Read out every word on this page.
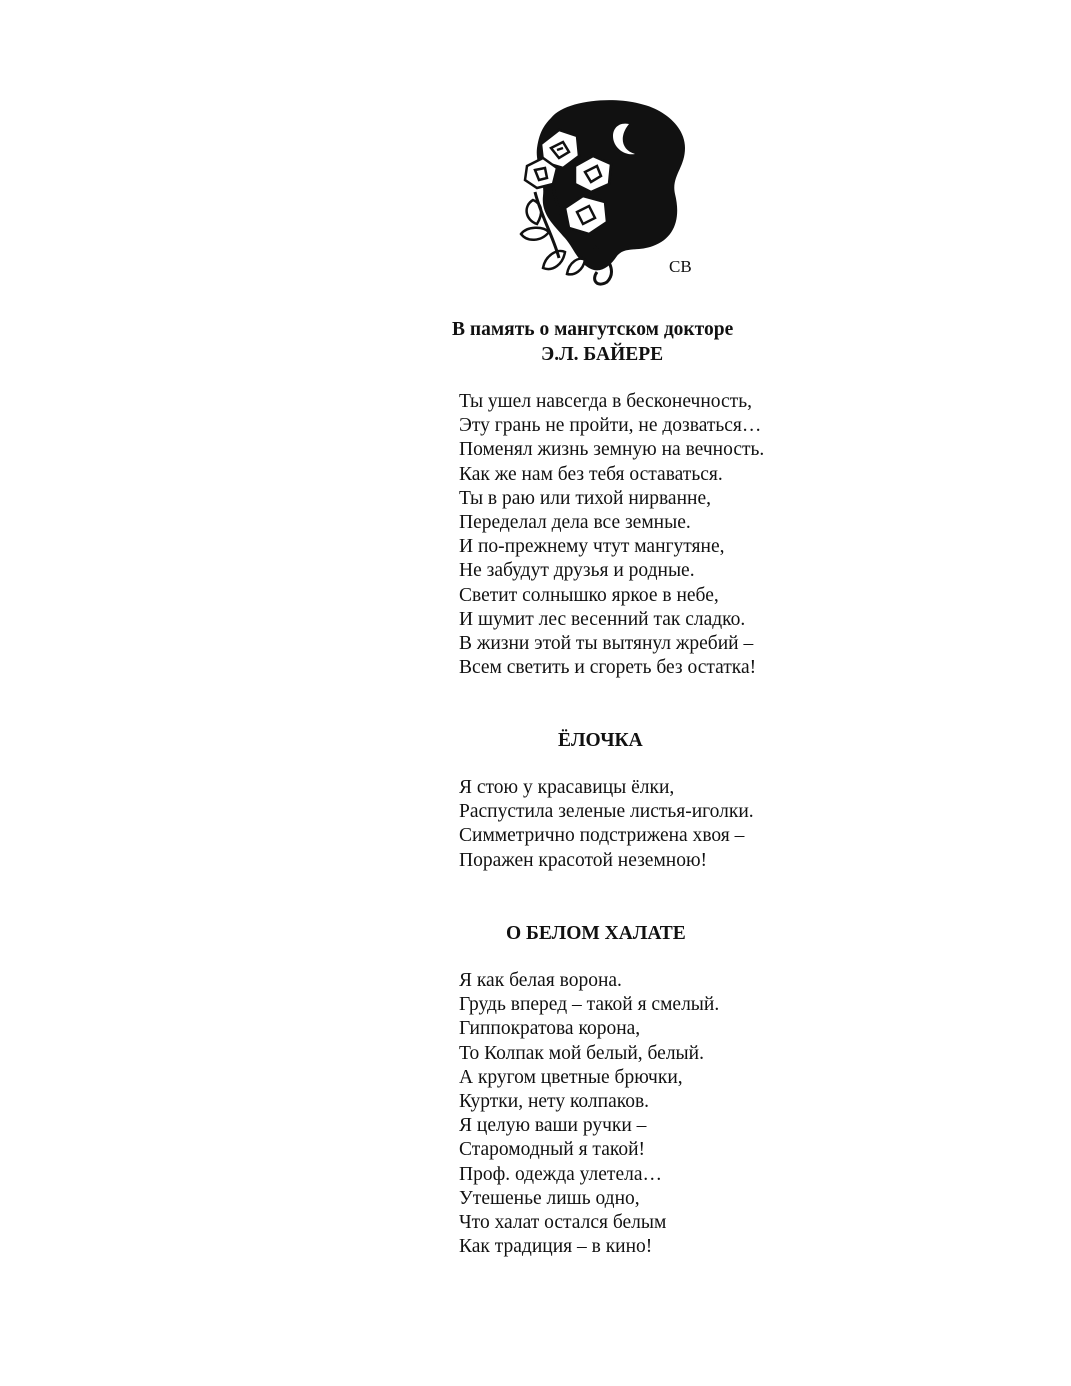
СВ
В память о мангутском докторе
Э.Л. БАЙЕРЕ
Ты ушел навсегда в бесконечность,
Эту грань не пройти, не дозваться…
Поменял жизнь земную на вечность.
Как же нам без тебя оставаться.
Ты в раю или тихой нирванне,
Переделал дела все земные.
И по-прежнему чтут мангутяне,
Не забудут друзья и родные.
Светит солнышко яркое в небе,
И шумит лес весенний так сладко.
В жизни этой ты вытянул жребий –
Всем светить и сгореть без остатка!
ЁЛОЧКА
Я стою у красавицы ёлки,
Распустила зеленые листья-иголки.
Симметрично подстрижена хвоя –
Поражен красотой неземною!
О БЕЛОМ ХАЛАТЕ
Я как белая ворона.
Грудь вперед – такой я смелый.
Гиппократова корона,
То Колпак мой белый, белый.
А кругом цветные брючки,
Куртки, нету колпаков.
Я целую ваши ручки –
Старомодный я такой!
Проф. одежда улетела…
Утешенье лишь одно,
Что халат остался белым
Как традиция – в кино!
